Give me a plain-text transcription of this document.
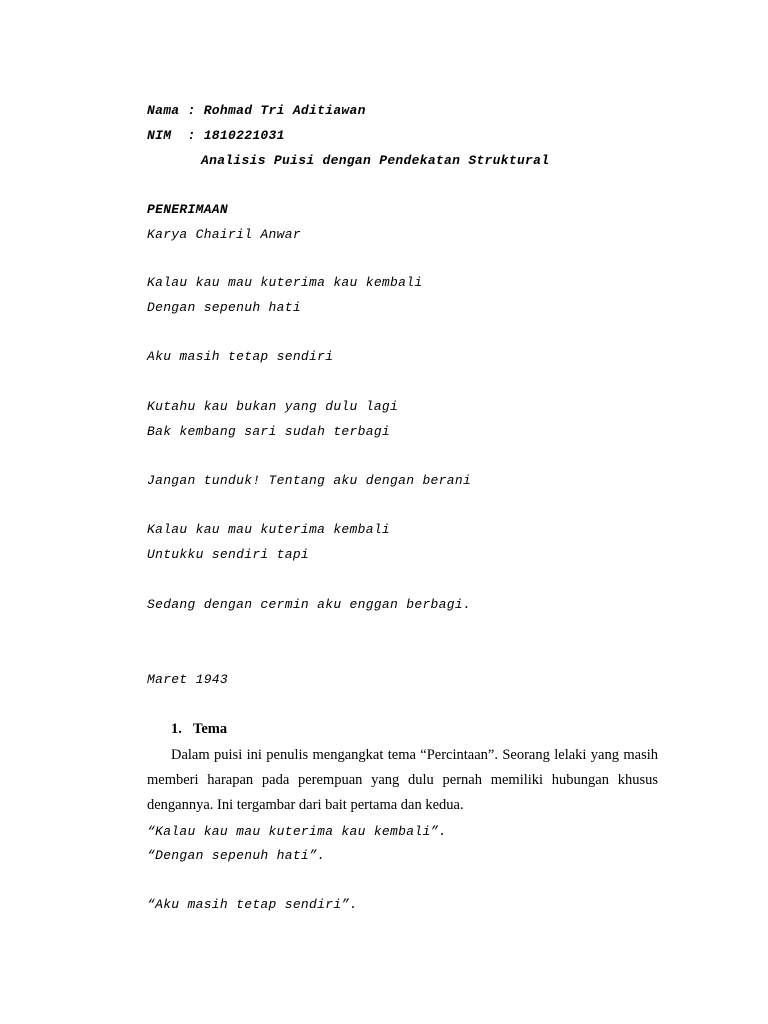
Nama : Rohmad Tri Aditiawan
NIM  : 1810221031
Analisis Puisi dengan Pendekatan Struktural
PENERIMAAN
Karya Chairil Anwar
Kalau kau mau kuterima kau kembali
Dengan sepenuh hati
Aku masih tetap sendiri
Kutahu kau bukan yang dulu lagi
Bak kembang sari sudah terbagi
Jangan tunduk! Tentang aku dengan berani
Kalau kau mau kuterima kembali
Untukku sendiri tapi
Sedang dengan cermin aku enggan berbagi.
Maret 1943
1. Tema
Dalam puisi ini penulis mengangkat tema “Percintaan”. Seorang lelaki yang masih memberi harapan pada perempuan yang dulu pernah memiliki hubungan khusus dengannya. Ini tergambar dari bait pertama dan kedua.
“Kalau kau mau kuterima kau kembali”.
“Dengan sepenuh hati”.
“Aku masih tetap sendiri”.
